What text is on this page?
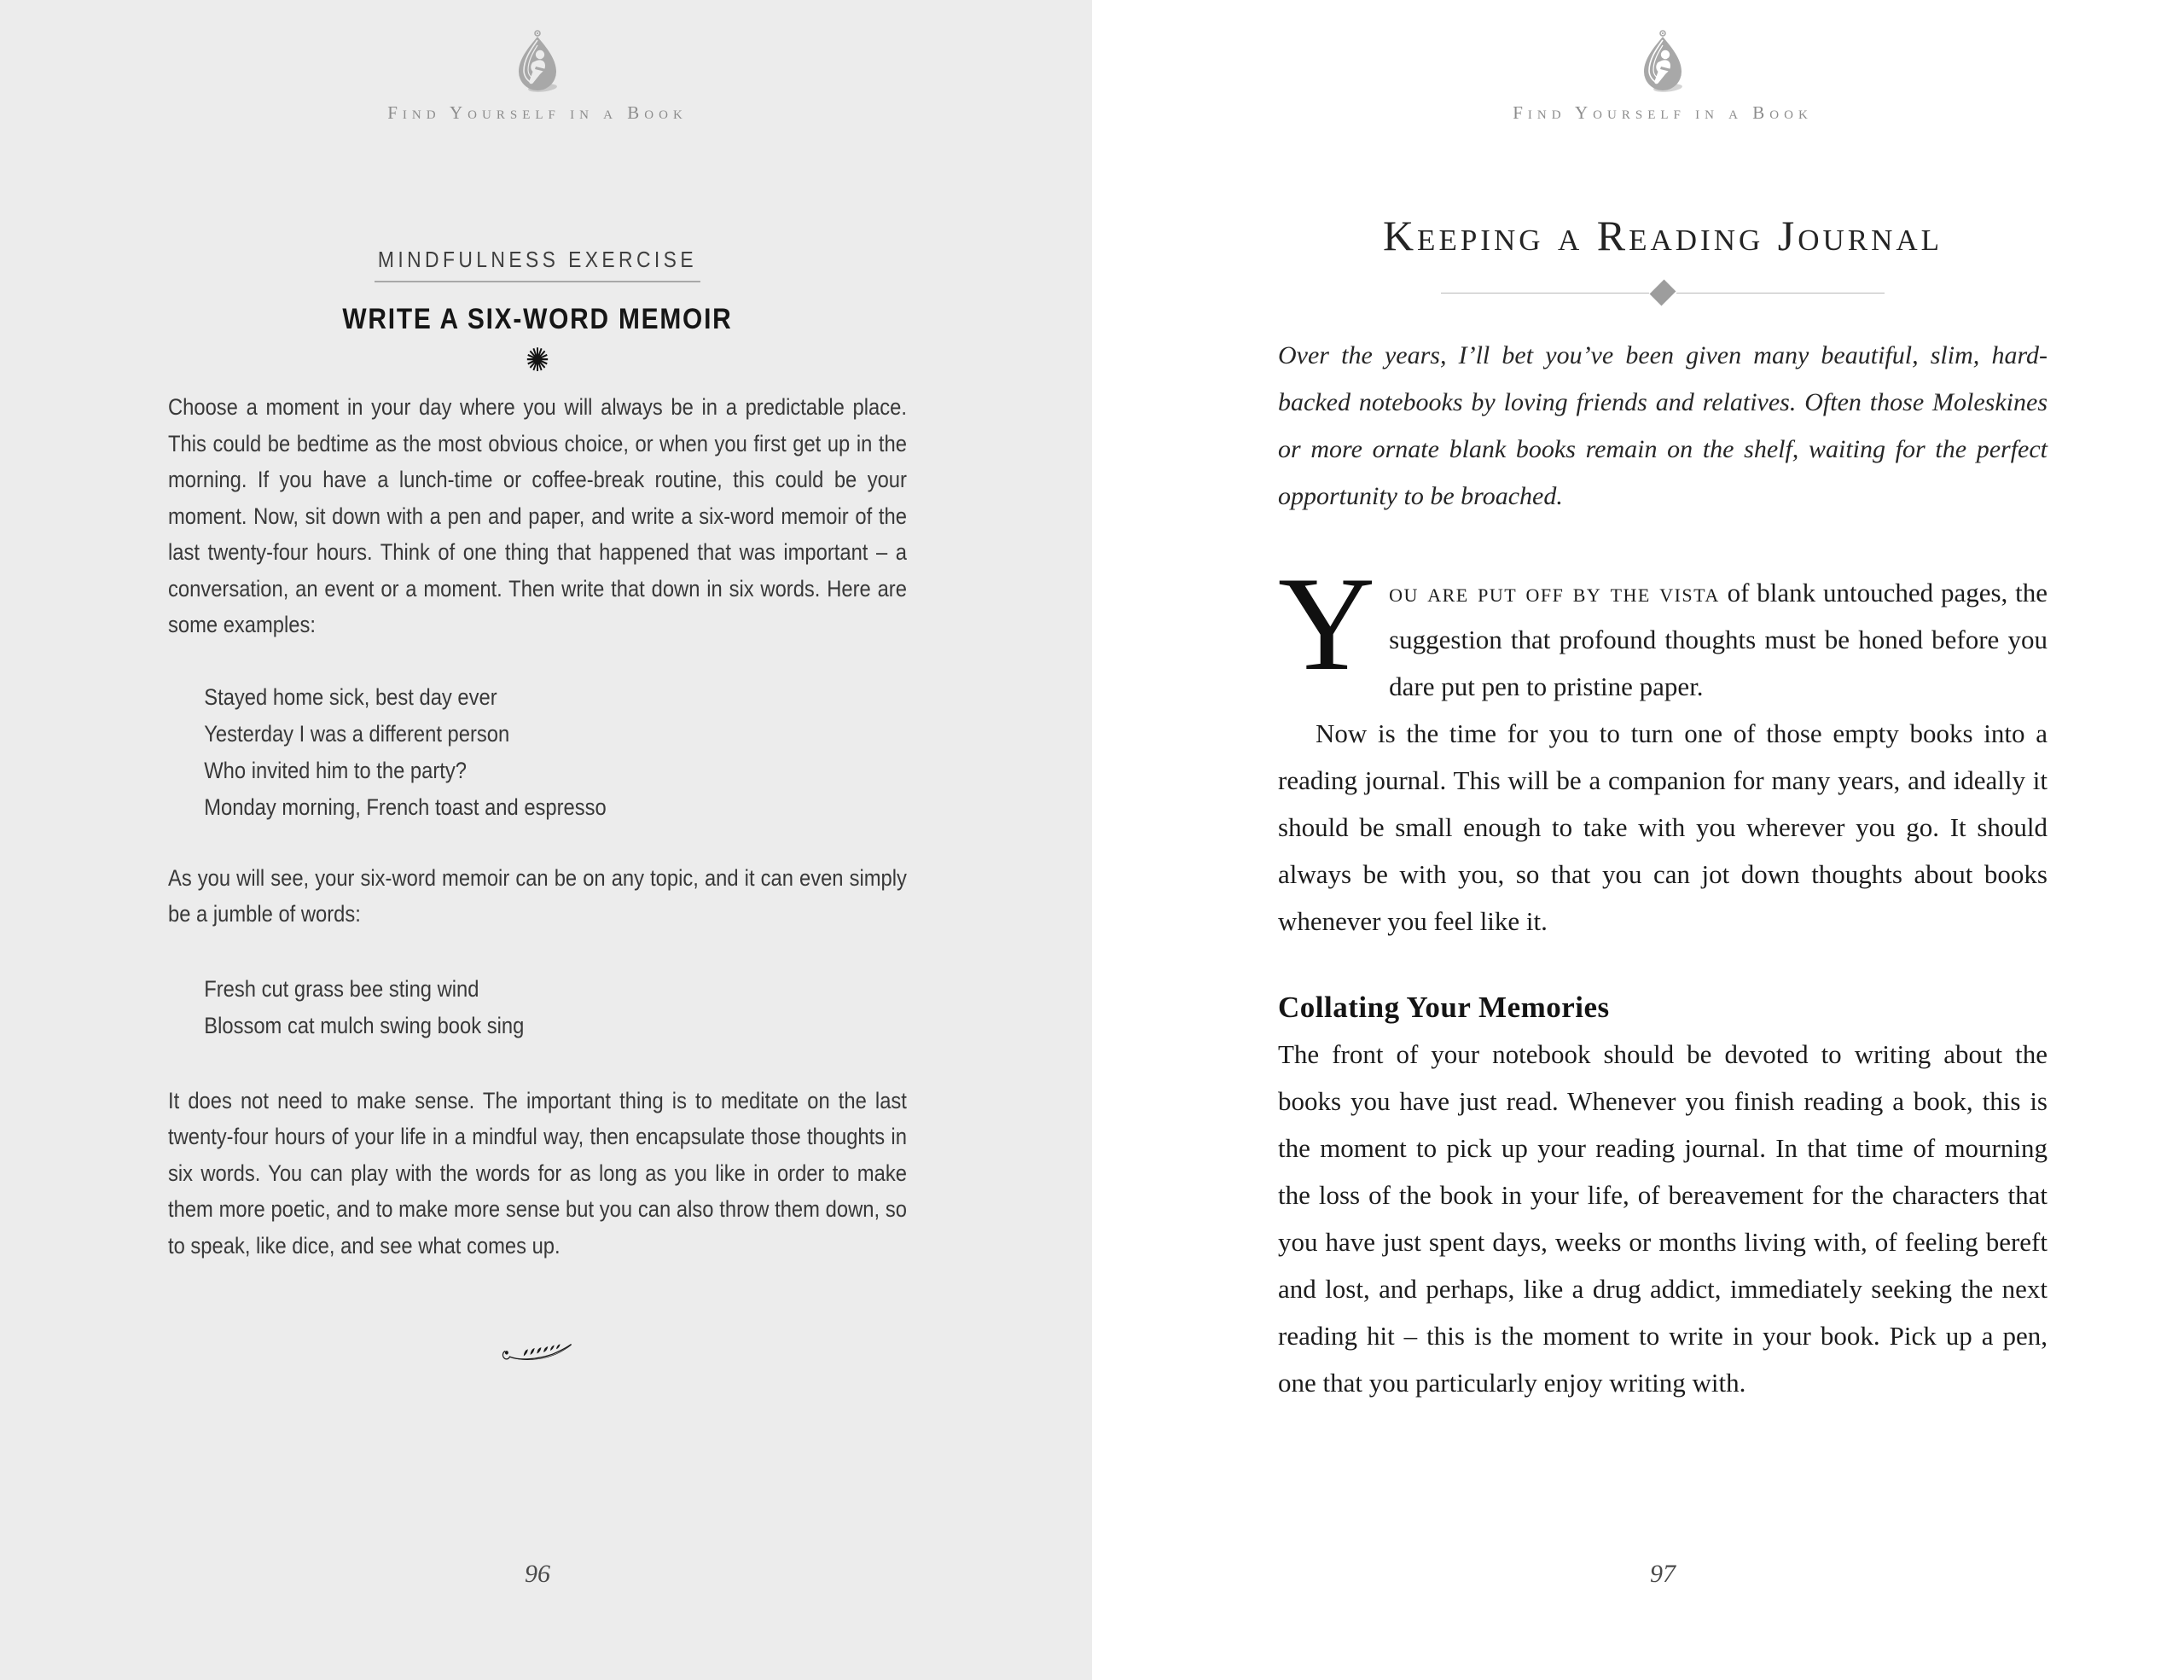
Find Yourself in a Book
MINDFULNESS EXERCISE
WRITE A SIX-WORD MEMOIR
✺

Choose a moment in your day where you will always be in a predictable place. This could be bedtime as the most obvious choice, or when you first get up in the morning. If you have a lunch-time or coffee-break routine, this could be your moment. Now, sit down with a pen and paper, and write a six-word memoir of the last twenty-four hours. Think of one thing that happened that was important – a conversation, an event or a moment. Then write that down in six words. Here are some examples:

Stayed home sick, best day ever
Yesterday I was a different person
Who invited him to the party?
Monday morning, French toast and espresso

As you will see, your six-word memoir can be on any topic, and it can even simply be a jumble of words:

Fresh cut grass bee sting wind
Blossom cat mulch swing book sing

It does not need to make sense. The important thing is to meditate on the last twenty-four hours of your life in a mindful way, then encapsulate those thoughts in six words. You can play with the words for as long as you like in order to make them more poetic, and to make more sense but you can also throw them down, so to speak, like dice, and see what comes up.

96
Find Yourself in a Book
Keeping a Reading Journal

Over the years, I’ll bet you’ve been given many beautiful, slim, hard-backed notebooks by loving friends and relatives. Often those Moleskines or more ornate blank books remain on the shelf, waiting for the perfect opportunity to be broached.

You are put off by the vista of blank untouched pages, the suggestion that profound thoughts must be honed before you dare put pen to pristine paper.

Now is the time for you to turn one of those empty books into a reading journal. This will be a companion for many years, and ideally it should be small enough to take with you wherever you go. It should always be with you, so that you can jot down thoughts about books whenever you feel like it.

Collating Your Memories

The front of your notebook should be devoted to writing about the books you have just read. Whenever you finish reading a book, this is the moment to pick up your reading journal. In that time of mourning the loss of the book in your life, of bereavement for the characters that you have just spent days, weeks or months living with, of feeling bereft and lost, and perhaps, like a drug addict, immediately seeking the next reading hit – this is the moment to write in your book. Pick up a pen, one that you particularly enjoy writing with.

97
